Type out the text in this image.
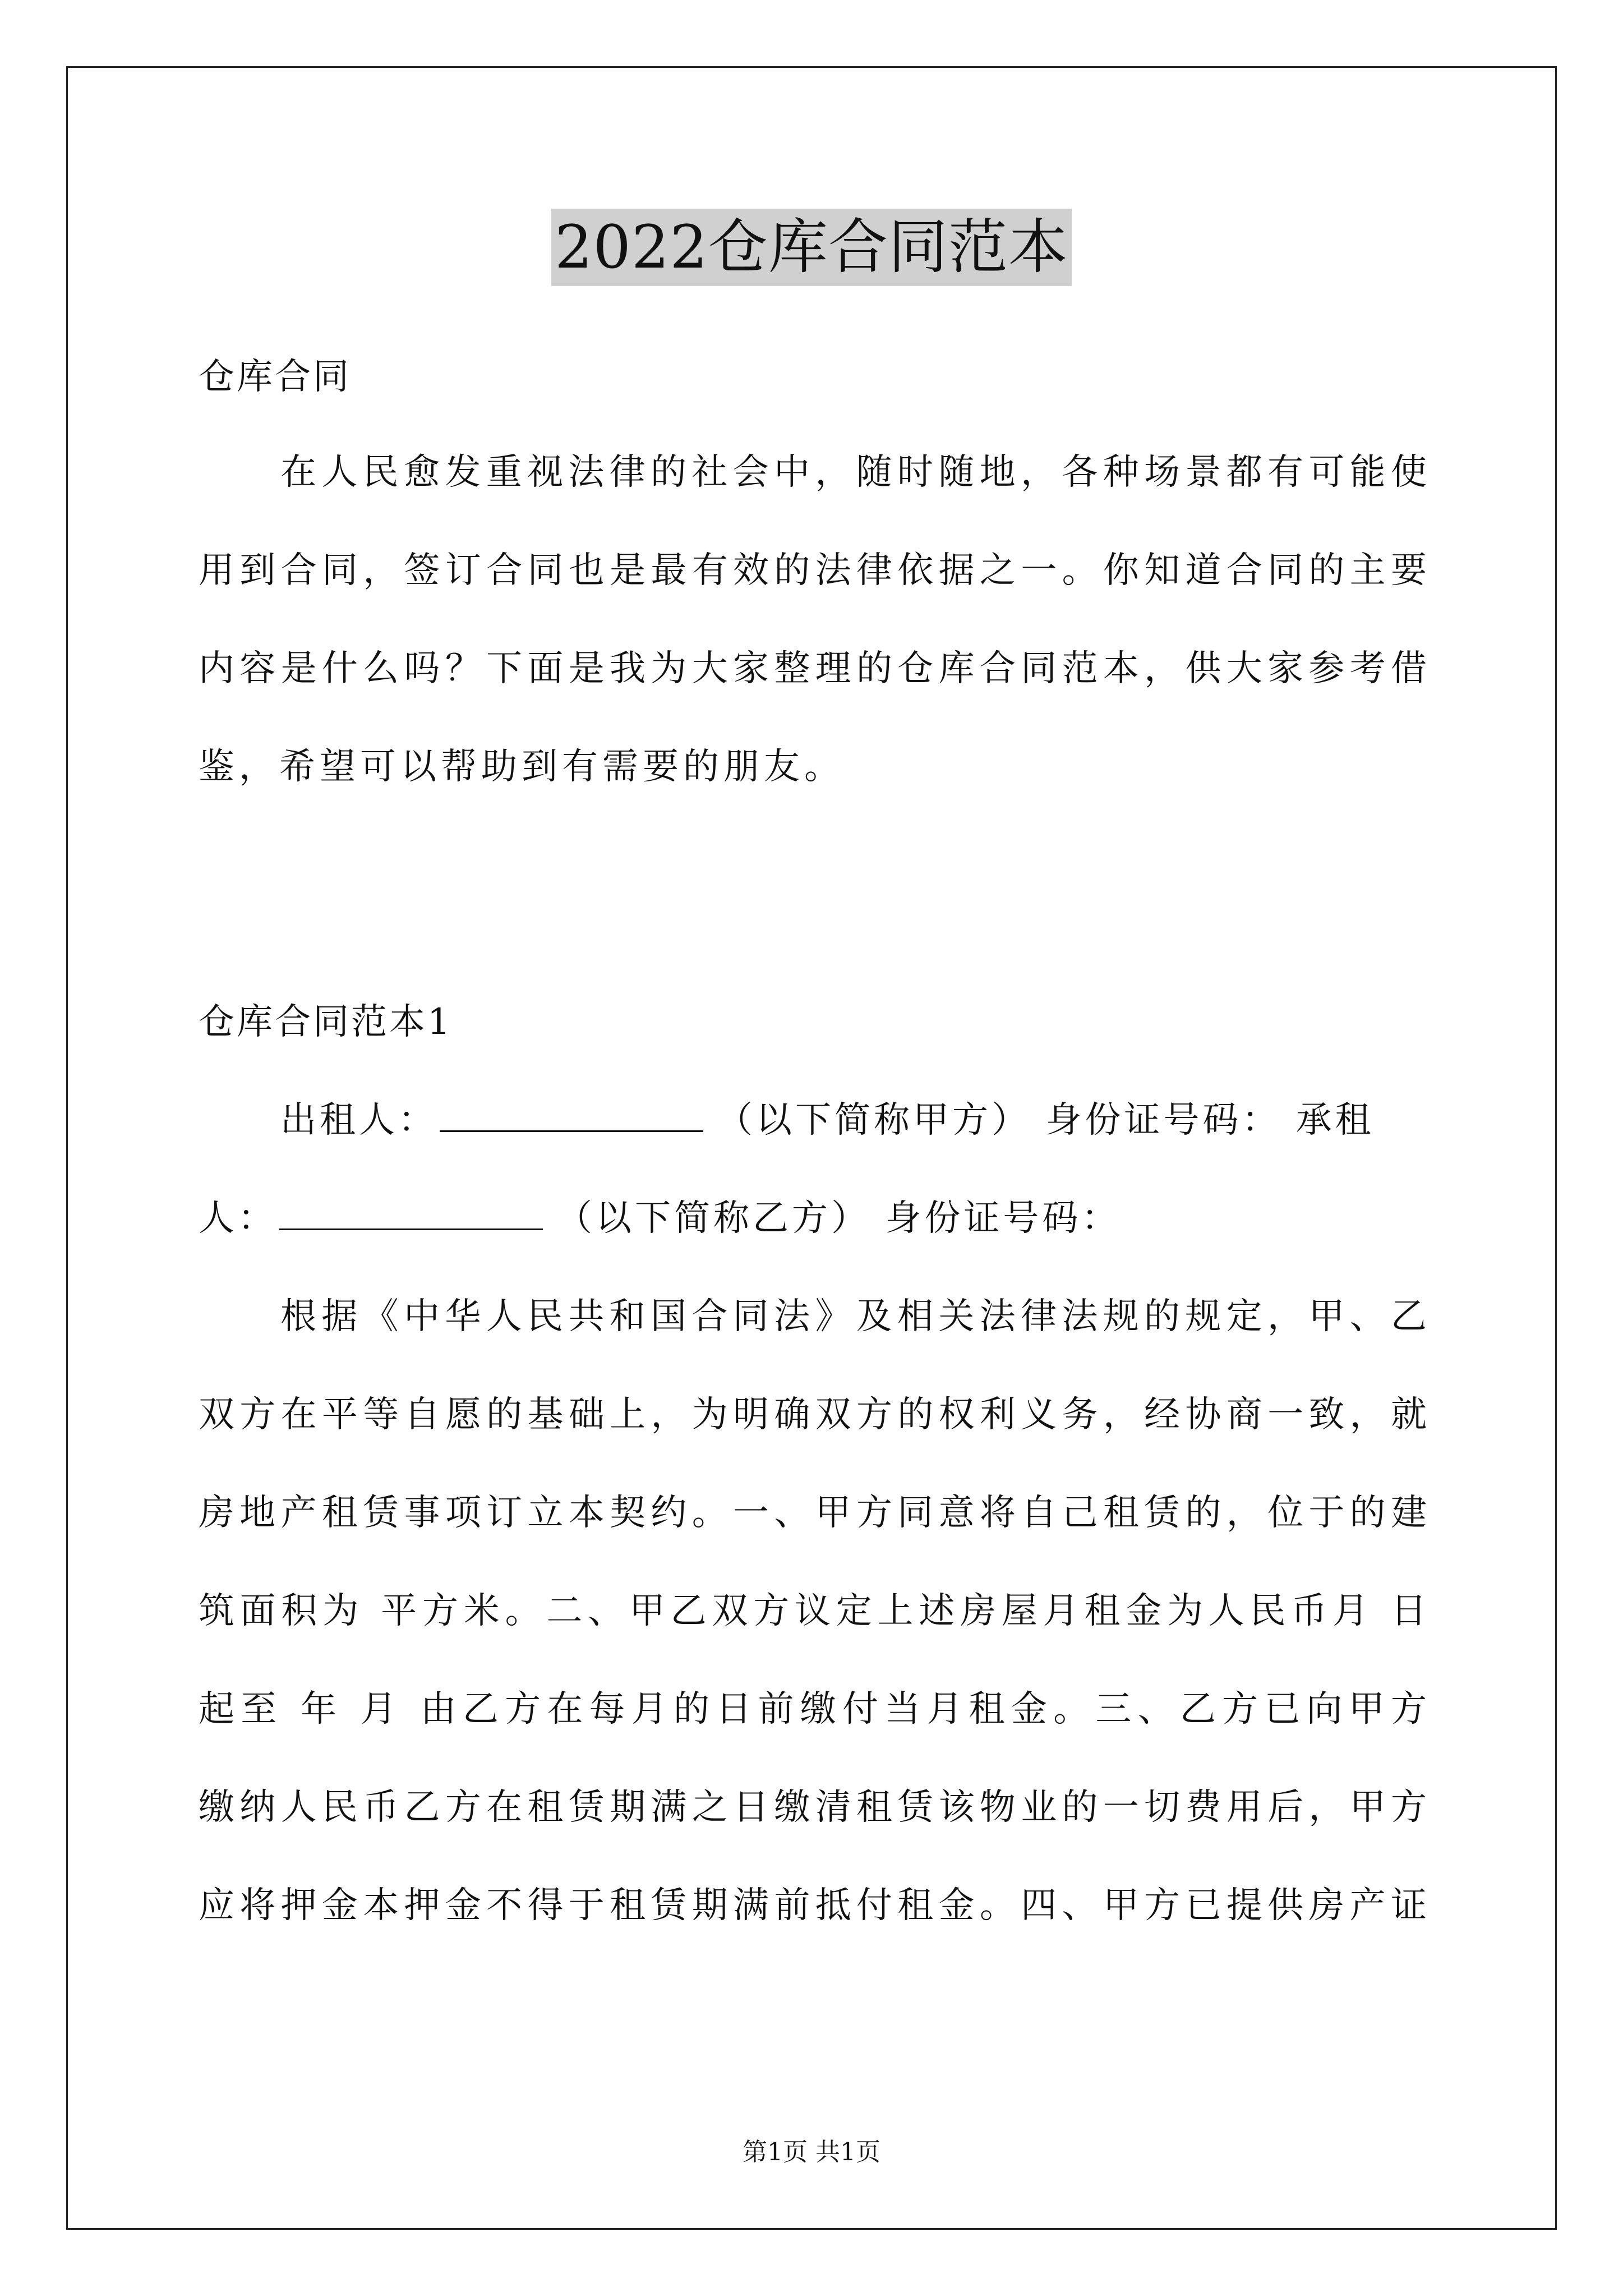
2022仓库合同范本
仓库合同
在人民愈发重视法律的社会中，随时随地，各种场景都有可能使
用到合同，签订合同也是最有效的法律依据之一。你知道合同的主要
内容是什么吗？下面是我为大家整理的仓库合同范本，供大家参考借
鉴，希望可以帮助到有需要的朋友。
仓库合同范本1
出租人：	（以下简称甲方） 身份证号码： 承租
人：	（以下简称乙方） 身份证号码：
根据《中华人民共和国合同法》及相关法律法规的规定，甲、乙
双方在平等自愿的基础上，为明确双方的权利义务，经协商一致，就
房地产租赁事项订立本契约。一、甲方同意将自己租赁的，位于的建
筑面积为 平方米。二、甲乙双方议定上述房屋月租金为人民币月 日
起至 年 月 由乙方在每月的日前缴付当月租金。三、乙方已向甲方
缴纳人民币乙方在租赁期满之日缴清租赁该物业的一切费用后，甲方
应将押金本押金不得于租赁期满前抵付租金。四、甲方已提供房产证
第1页 共1页
